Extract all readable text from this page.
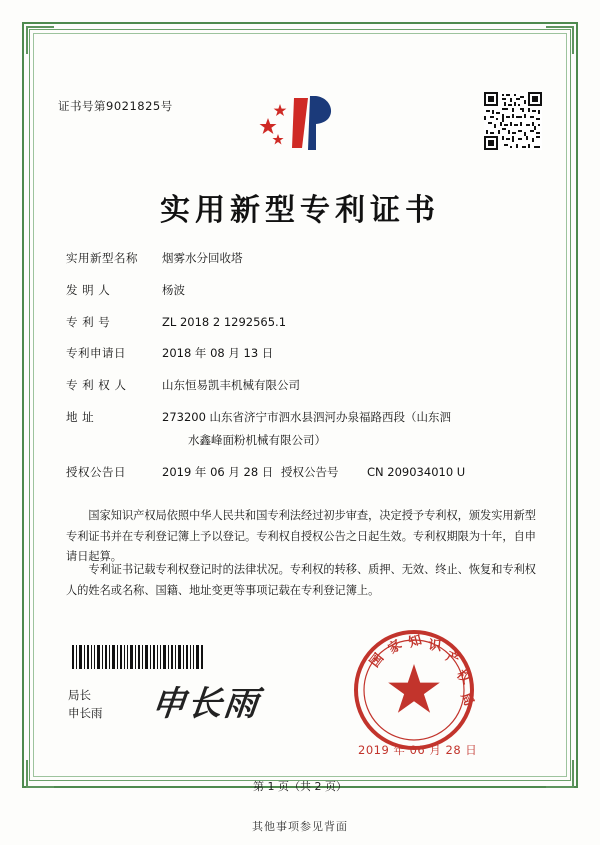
证书号第9021825号
实用新型专利证书
实用新型名称	烟雾水分回收塔
发 明 人	杨波
专 利 号	ZL 2018 2 1292565.1
专利申请日	2018 年 08 月 13 日
专 利 权 人	山东恒易凯丰机械有限公司
地 址	273200 山东省济宁市泗水县泗河办泉福路西段（山东泗
水鑫峰面粉机械有限公司）
授权公告日	2019 年 06 月 28 日 授权公告号	CN 209034010 U
国家知识产权局依照中华人民共和国专利法经过初步审查，决定授予专利权，颁发实用新型专利证书并在专利登记簿上予以登记。专利权自授权公告之日起生效。专利权期限为十年，自申请日起算。
专利证书记载专利权登记时的法律状况。专利权的转移、质押、无效、终止、恢复和专利权人的姓名或名称、国籍、地址变更等事项记载在专利登记簿上。
局长
申长雨 申长雨
国
家 知 识
产
权
局
2019 年 06 月 28 日
第 1 页（共 2 页）
其他事项参见背面
